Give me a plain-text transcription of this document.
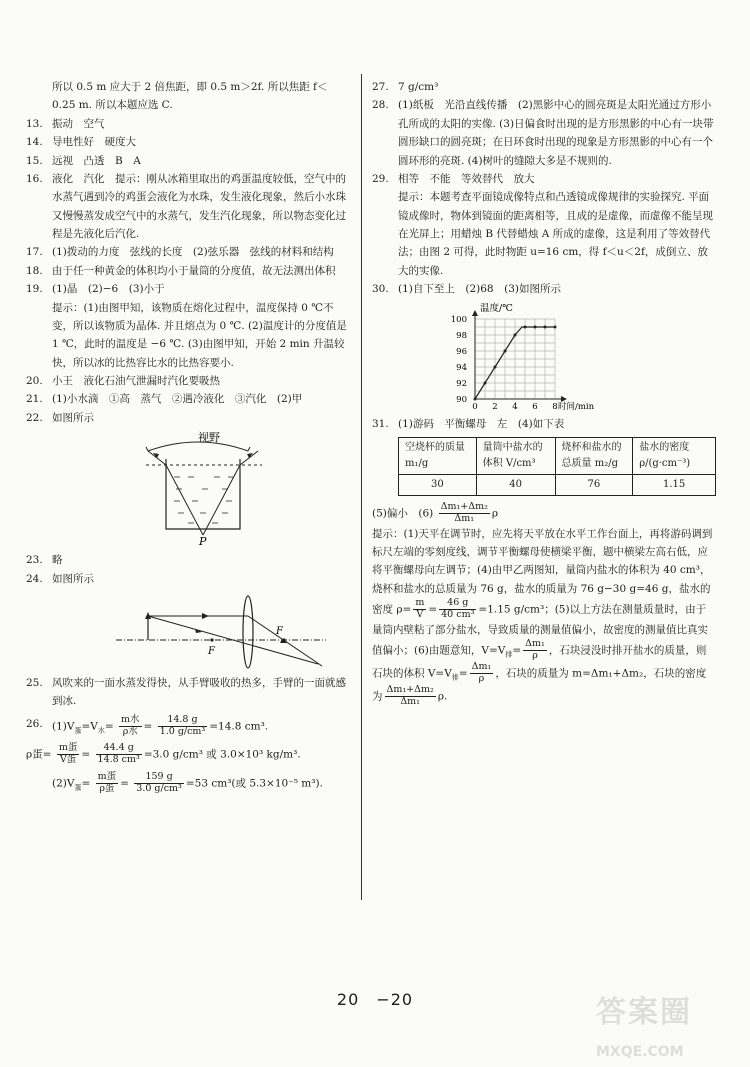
所以 0.5 m 应大于 2 倍焦距，即 0.5 m＞2f. 所以焦距 f＜
0.25 m. 所以本题应选 C.
13. 振动　空气
14. 导电性好　硬度大
15. 远视　凸透　B　A
16. 液化　汽化　提示：刚从冰箱里取出的鸡蛋温度较低，空气中的水蒸气遇到冷的鸡蛋会液化为水珠，发生液化现象，然后小水珠又慢慢蒸发成空气中的水蒸气，发生汽化现象，所以物态变化过程是先液化后汽化.
17. (1)拨动的力度　弦线的长度　(2)弦乐器　弦线的材料和结构
18. 由于任一种黄金的体积均小于量筒的分度值，故无法测出体积
19. (1)晶　(2)−6　(3)小于
提示：(1)由图甲知，该物质在熔化过程中，温度保持 0 ℃不变，所以该物质为晶体. 并且熔点为 0 ℃. (2)温度计的分度值是 1 ℃，此时的温度是 −6 ℃. (3)由图甲知，开始 2 min 升温较快，所以冰的比热容比水的比热容要小.
20. 小王　液化石油气泄漏时汽化要吸热
21. (1)小水滴　①高　蒸气　②遇冷液化　③汽化　(2)甲
22. 如图所示
视野
P
23. 略
24. 如图所示
F
F
25. 风吹来的一面水蒸发得快，从手臂吸收的热多，手臂的一面就感到冰.
26. $(1)V_蛋=V_水= \frac{\text{m水}}{\text{ρ水}} = \frac{14.8 g}{\text{1.0 g/cm³}} =14.8$ cm³.
ρ蛋= $\frac{\text{m蛋}}{\text{V蛋}} = \frac{44.4 g}{\text{14.8 cm³}} =3.0$ g/cm³ 或 3.0×10³ kg/m³.
$(2)V_蛋= \frac{\text{m蛋}}{\text{ρ蛋}} = \frac{159 g}{\text{3.0 g/cm³}} =53$ cm³(或 5.3×10⁻⁵ m³).
27. 7 g/cm³
28. (1)纸板　光沿直线传播　(2)黑影中心的圆亮斑是太阳光通过方形小孔所成的太阳的实像. (3)日偏食时出现的是方形黑影的中心有一块带圆形缺口的圆亮斑；在日环食时出现的现象是方形黑影的中心有一个圆环形的亮斑. (4)树叶的缝隙大多是不规则的.
29. 相等　不能　等效替代　放大
提示：本题考查平面镜成像特点和凸透镜成像规律的实验探究. 平面镜成像时，物体到镜面的距离相等，且成的是虚像，而虚像不能呈现在光屏上；用蜡烛 B 代替蜡烛 A 所成的虚像，这是利用了等效替代法；由图 2 可得，此时物距 u=16 cm，得 f＜u＜2f，成倒立、放大的实像.
30. (1)自下至上　(2)68　(3)如图所示
温度/℃
90
92
94
96
98
100
0 2 4 6 8 时间/min
31. (1)游码　平衡螺母　左　(4)如下表
空烧杯的质量 m₁/g	量筒中盐水的体积 V/cm³	烧杯和盐水的总质量 m₂/g	盐水的密度 ρ/(g·cm⁻³)
30	40	76	1.15
(5)偏小　$(6) \frac{\text{Δm₁+Δm₂}}{\text{Δm₁}}$ ρ
提示：(1)天平在调节时，应先将天平放在水平工作台面上，再将游码调到标尺左端的零刻度线，调节平衡螺母使横梁平衡，题中横梁左高右低，应将平衡螺母向左调节；(4)由甲乙两图知，量筒内盐水的体积为 40 cm³，烧杯和盐水的总质量为 76 g，盐水的质量为 76 g−30 g=46 g，盐水的密度 $\rho= \frac{m}{V} = \frac{46 g}{\text{40 cm³}} =1.15$ g/cm³；(5)以上方法在测量质量时，由于量筒内壁粘了部分盐水，导致质量的测量值偏小，故密度的测量值比真实值偏小；(6)由题意知，$V=V_排= \frac{\text{Δm₁}}{\rho}$ ，石块浸没时排开盐水的质量，则石块的体积 $V=V_排= \frac{\text{Δm₁}}{\rho}$ ，石块的质量为 m=Δm₁+Δm₂，石块的密度为 $\frac{\text{Δm₁+Δm₂}}{\text{Δm₁}} \rho$.
20　−20	答案圈
MXQE.COM
